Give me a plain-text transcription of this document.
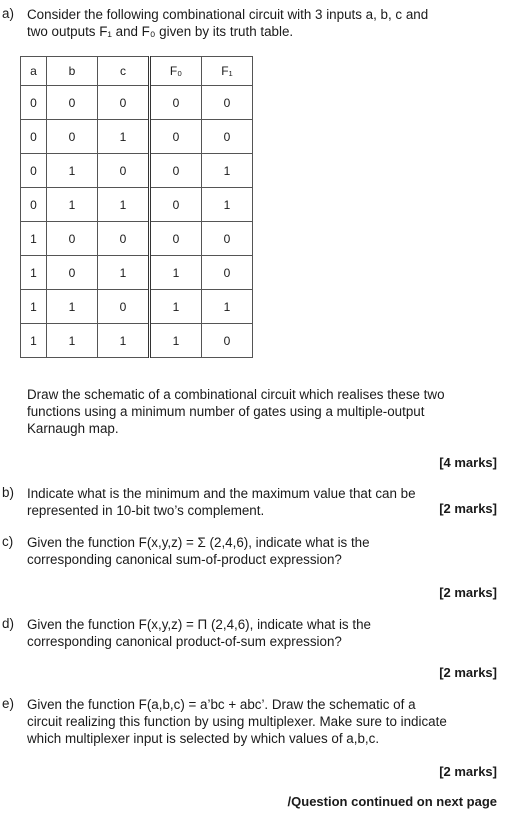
a) Consider the following combinational circuit with 3 inputs a, b, c and
two outputs F₁ and F₀ given by its truth table.
a	b	c	F₀	F₁
0	0	0	0	0
0	0	1	0	0
0	1	0	0	1
0	1	1	0	1
1	0	0	0	0
1	0	1	1	0
1	1	0	1	1
1	1	1	1	0
Draw the schematic of a combinational circuit which realises these two
functions using a minimum number of gates using a multiple-output
Karnaugh map.
[4 marks]
b) Indicate what is the minimum and the maximum value that can be
represented in 10-bit two’s complement.	[2 marks]
c) Given the function F(x,y,z) = Σ (2,4,6), indicate what is the
corresponding canonical sum-of-product expression?
[2 marks]
d) Given the function F(x,y,z) = Π (2,4,6), indicate what is the
corresponding canonical product-of-sum expression?
[2 marks]
e) Given the function F(a,b,c) = a’bc + abc’. Draw the schematic of a
circuit realizing this function by using multiplexer. Make sure to indicate
which multiplexer input is selected by which values of a,b,c.
[2 marks]
/Question continued on next page
